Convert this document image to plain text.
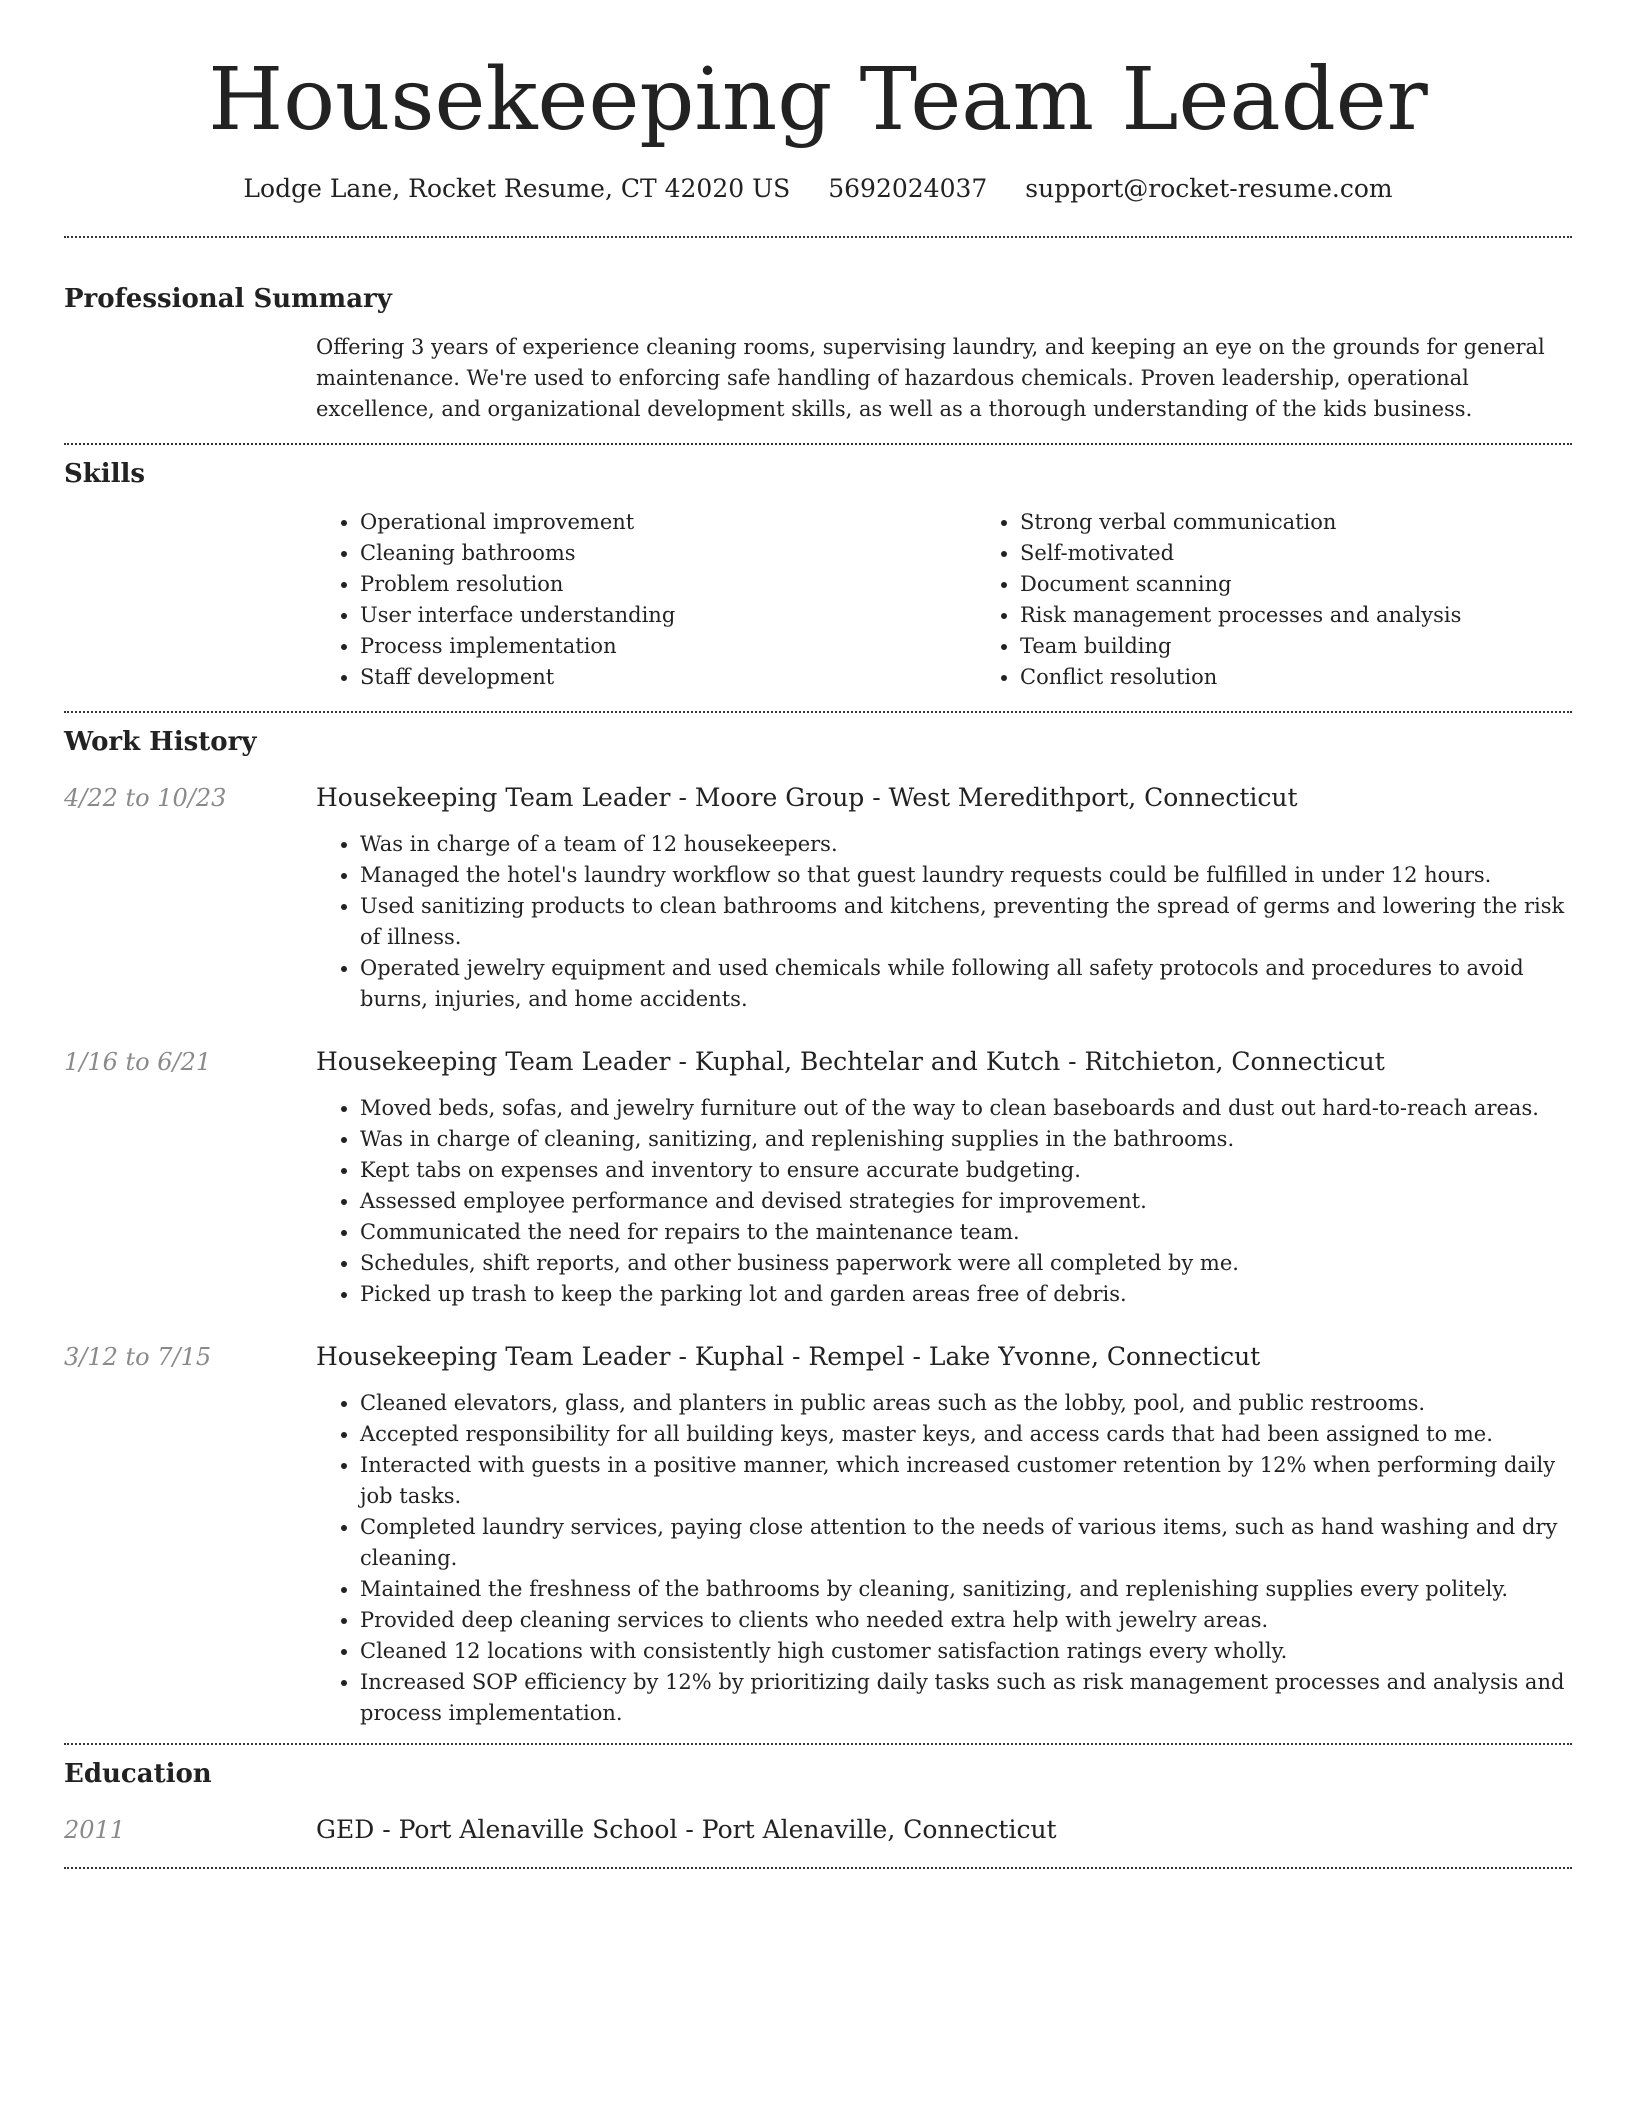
Housekeeping Team Leader
Lodge Lane, Rocket Resume, CT 42020 US 5692024037 support@rocket-resume.com
Professional Summary
Offering 3 years of experience cleaning rooms, supervising laundry, and keeping an eye on the grounds for general maintenance. We're used to enforcing safe handling of hazardous chemicals. Proven leadership, operational excellence, and organizational development skills, as well as a thorough understanding of the kids business.
Skills
• Operational improvement
• Cleaning bathrooms
• Problem resolution
• User interface understanding
• Process implementation
• Staff development
• Strong verbal communication
• Self-motivated
• Document scanning
• Risk management processes and analysis
• Team building
• Conflict resolution
Work History
4/22 to 10/23	Housekeeping Team Leader - Moore Group - West Meredithport, Connecticut
• Was in charge of a team of 12 housekeepers.
• Managed the hotel's laundry workflow so that guest laundry requests could be fulfilled in under 12 hours.
• Used sanitizing products to clean bathrooms and kitchens, preventing the spread of germs and lowering the risk of illness.
• Operated jewelry equipment and used chemicals while following all safety protocols and procedures to avoid burns, injuries, and home accidents.
1/16 to 6/21	Housekeeping Team Leader - Kuphal, Bechtelar and Kutch - Ritchieton, Connecticut
• Moved beds, sofas, and jewelry furniture out of the way to clean baseboards and dust out hard-to-reach areas.
• Was in charge of cleaning, sanitizing, and replenishing supplies in the bathrooms.
• Kept tabs on expenses and inventory to ensure accurate budgeting.
• Assessed employee performance and devised strategies for improvement.
• Communicated the need for repairs to the maintenance team.
• Schedules, shift reports, and other business paperwork were all completed by me.
• Picked up trash to keep the parking lot and garden areas free of debris.
3/12 to 7/15	Housekeeping Team Leader - Kuphal - Rempel - Lake Yvonne, Connecticut
• Cleaned elevators, glass, and planters in public areas such as the lobby, pool, and public restrooms.
• Accepted responsibility for all building keys, master keys, and access cards that had been assigned to me.
• Interacted with guests in a positive manner, which increased customer retention by 12% when performing daily job tasks.
• Completed laundry services, paying close attention to the needs of various items, such as hand washing and dry cleaning.
• Maintained the freshness of the bathrooms by cleaning, sanitizing, and replenishing supplies every politely.
• Provided deep cleaning services to clients who needed extra help with jewelry areas.
• Cleaned 12 locations with consistently high customer satisfaction ratings every wholly.
• Increased SOP efficiency by 12% by prioritizing daily tasks such as risk management processes and analysis and process implementation.
Education
2011	GED - Port Alenaville School - Port Alenaville, Connecticut
